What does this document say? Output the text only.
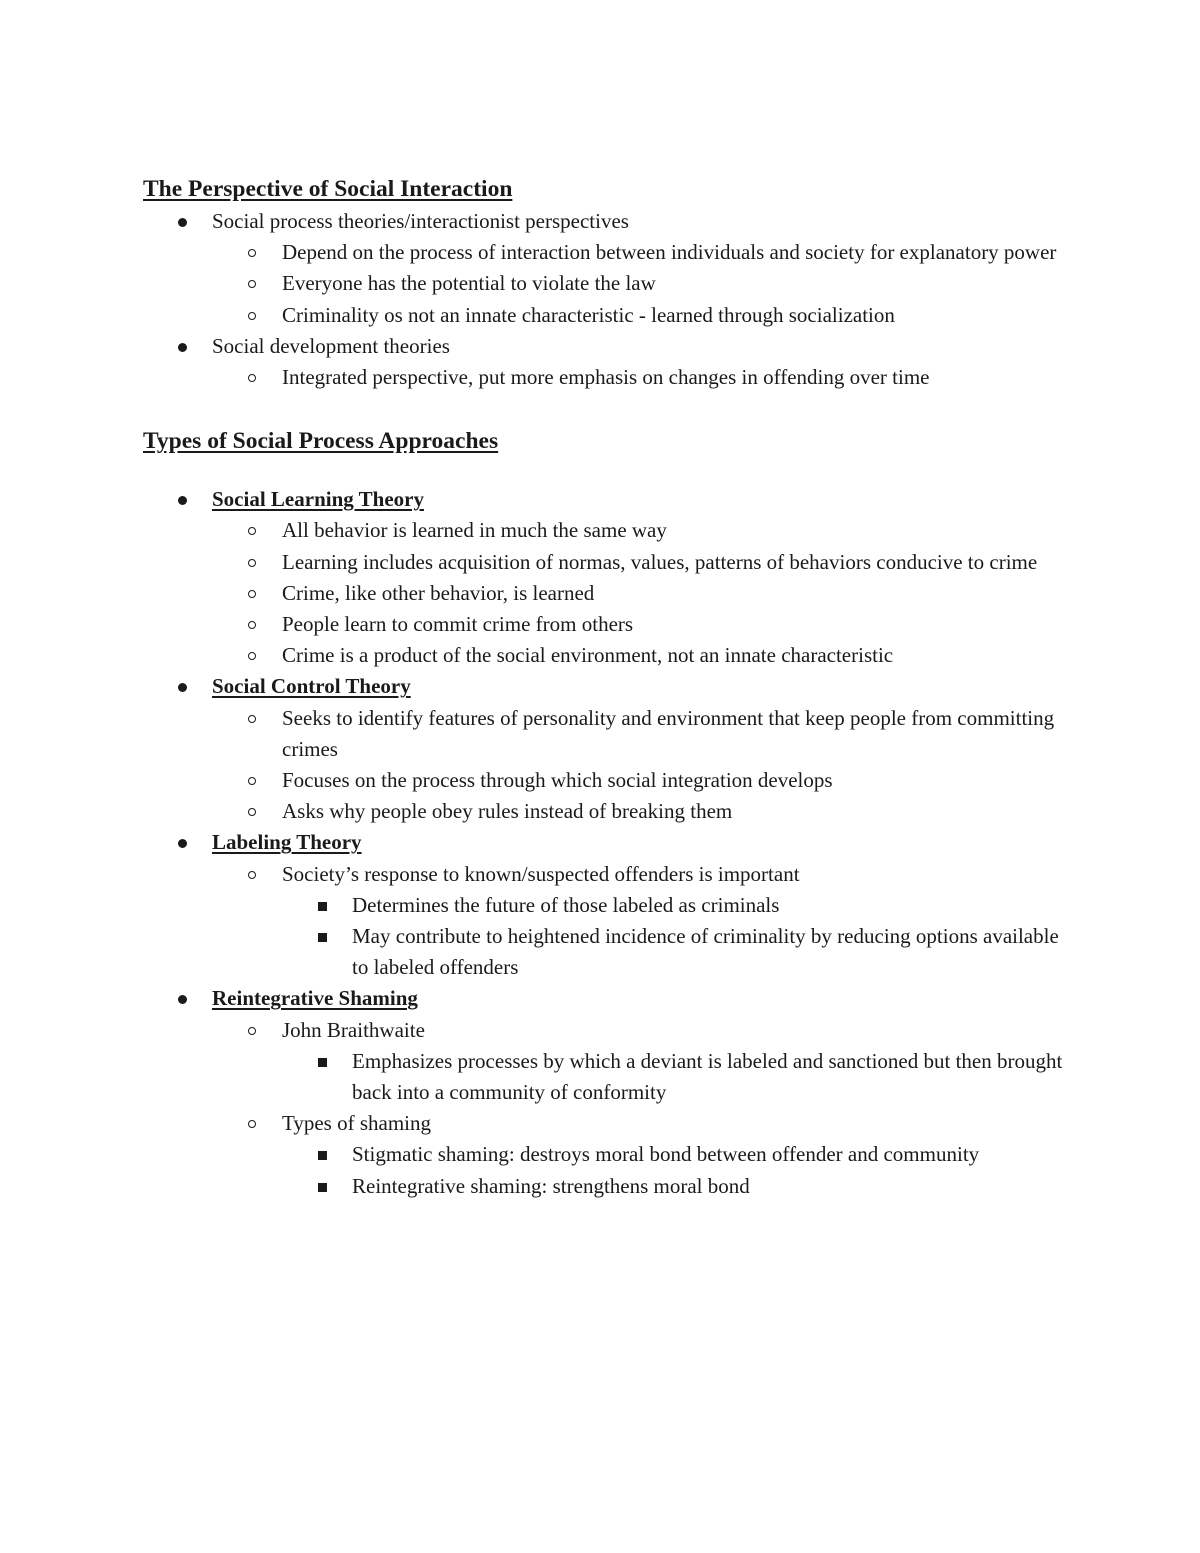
The Perspective of Social Interaction
Social process theories/interactionist perspectives
Depend on the process of interaction between individuals and society for explanatory power
Everyone has the potential to violate the law
Criminality os not an innate characteristic - learned through socialization
Social development theories
Integrated perspective, put more emphasis on changes in offending over time
Types of Social Process Approaches
Social Learning Theory
All behavior is learned in much the same way
Learning includes acquisition of normas, values, patterns of behaviors conducive to crime
Crime, like other behavior, is learned
People learn to commit crime from others
Crime is a product of the social environment, not an innate characteristic
Social Control Theory
Seeks to identify features of personality and environment that keep people from committing crimes
Focuses on the process through which social integration develops
Asks why people obey rules instead of breaking them
Labeling Theory
Society’s response to known/suspected offenders is important
Determines the future of those labeled as criminals
May contribute to heightened incidence of criminality by reducing options available to labeled offenders
Reintegrative Shaming
John Braithwaite
Emphasizes processes by which a deviant is labeled and sanctioned but then brought back into a community of conformity
Types of shaming
Stigmatic shaming: destroys moral bond between offender and community
Reintegrative shaming: strengthens moral bond
